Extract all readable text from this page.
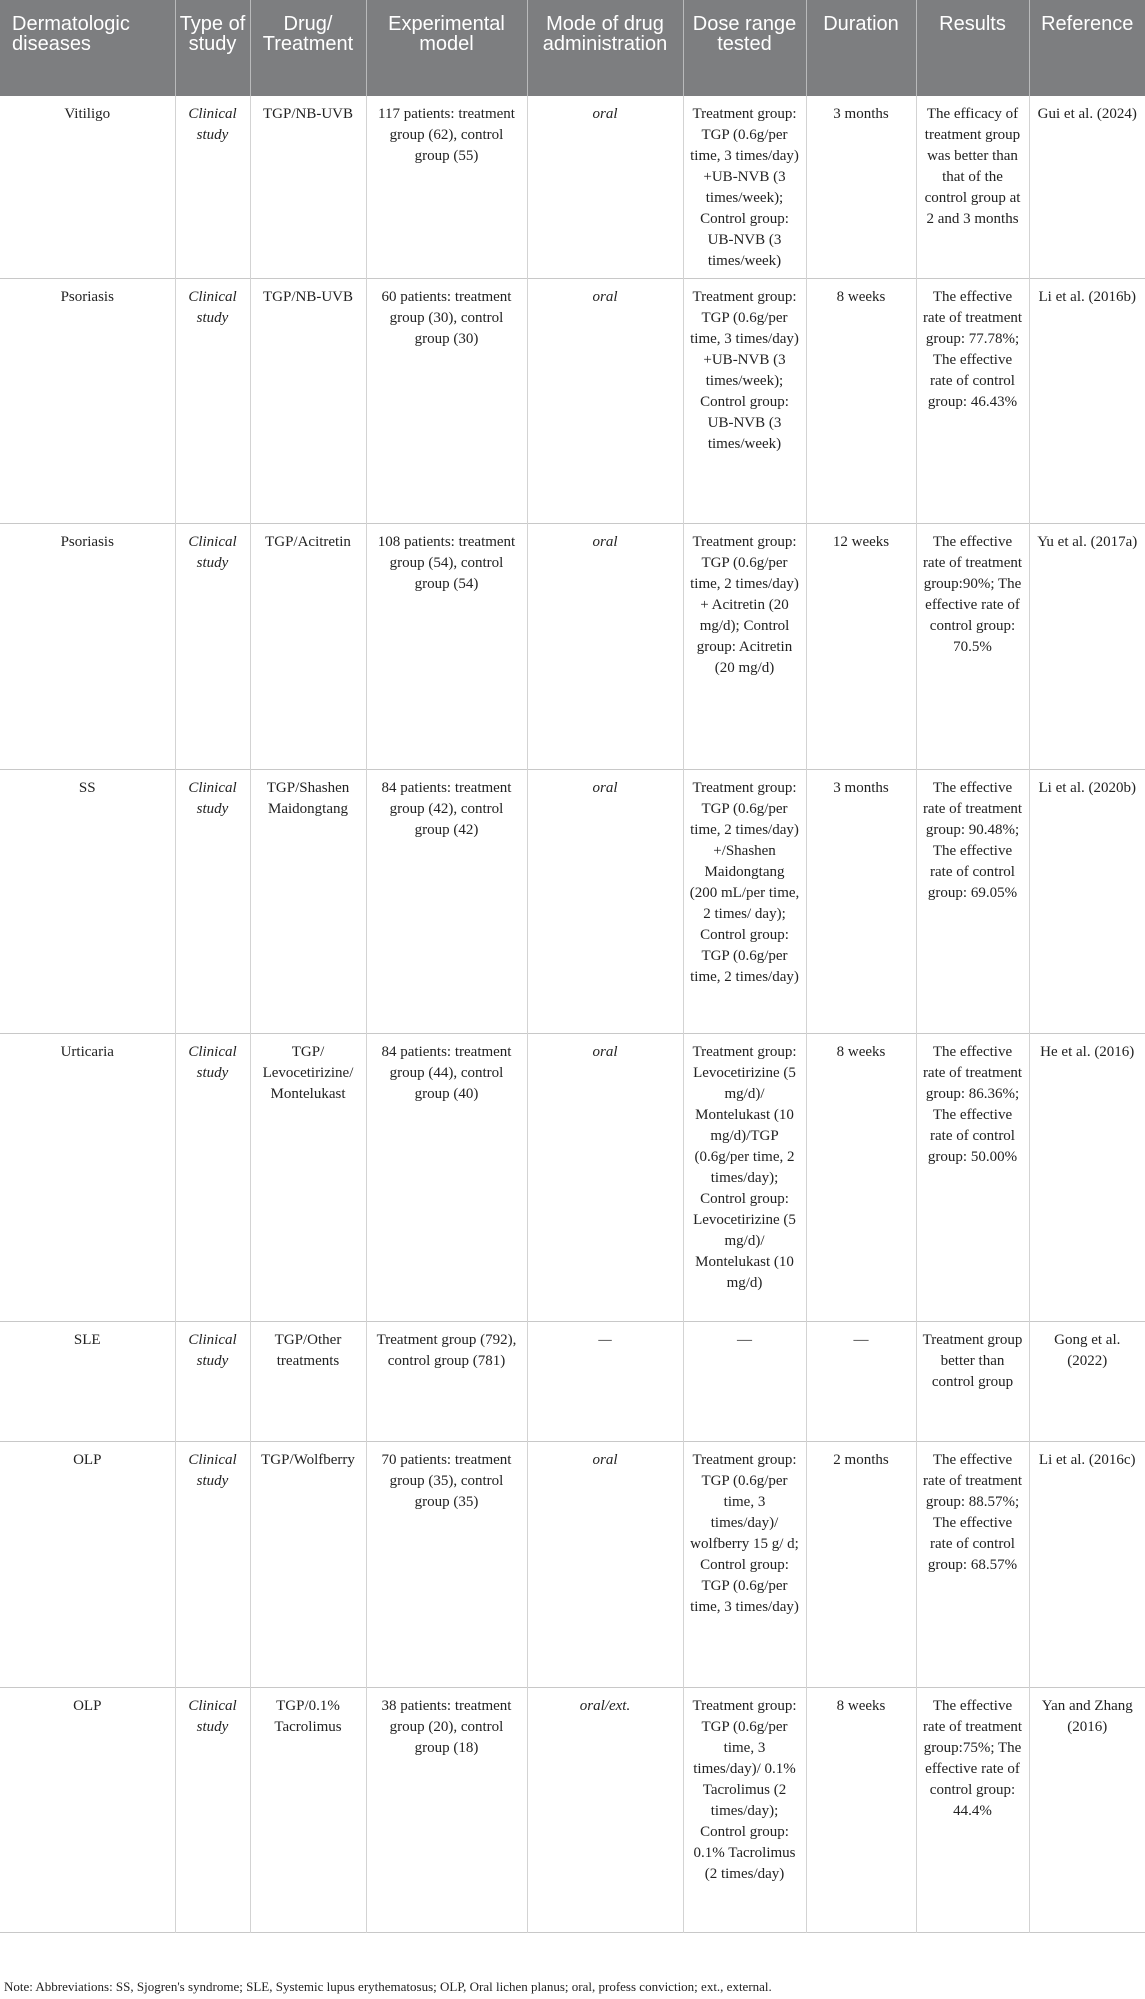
Dermatologic diseases	Type of study	Drug/ Treatment	Experimental model	Mode of drug administration	Dose range tested	Duration	Results	Reference
Vitiligo	Clinical study	TGP/NB-UVB	117 patients: treatment group (62), control group (55)	oral	Treatment group: TGP (0.6g/per time, 3 times/day) +UB-NVB (3 times/week); Control group: UB-NVB (3 times/week)	3 months	The efficacy of treatment group was better than that of the control group at 2 and 3 months	Gui et al. (2024)
Psoriasis	Clinical study	TGP/NB-UVB	60 patients: treatment group (30), control group (30)	oral	Treatment group: TGP (0.6g/per time, 3 times/day) +UB-NVB (3 times/week); Control group: UB-NVB (3 times/week)	8 weeks	The effective rate of treatment group: 77.78%; The effective rate of control group: 46.43%	Li et al. (2016b)
Psoriasis	Clinical study	TGP/Acitretin	108 patients: treatment group (54), control group (54)	oral	Treatment group: TGP (0.6g/per time, 2 times/day) + Acitretin (20 mg/d); Control group: Acitretin (20 mg/d)	12 weeks	The effective rate of treatment group:90%; The effective rate of control group: 70.5%	Yu et al. (2017a)
SS	Clinical study	TGP/Shashen Maidongtang	84 patients: treatment group (42), control group (42)	oral	Treatment group: TGP (0.6g/per time, 2 times/day) +/Shashen Maidongtang (200 mL/per time, 2 times/ day); Control group: TGP (0.6g/per time, 2 times/day)	3 months	The effective rate of treatment group: 90.48%; The effective rate of control group: 69.05%	Li et al. (2020b)
Urticaria	Clinical study	TGP/ Levocetirizine/ Montelukast	84 patients: treatment group (44), control group (40)	oral	Treatment group: Levocetirizine (5 mg/d)/ Montelukast (10 mg/d)/TGP (0.6g/per time, 2 times/day); Control group: Levocetirizine (5 mg/d)/ Montelukast (10 mg/d)	8 weeks	The effective rate of treatment group: 86.36%; The effective rate of control group: 50.00%	He et al. (2016)
SLE	Clinical study	TGP/Other treatments	Treatment group (792), control group (781)	—	—	—	Treatment group better than control group	Gong et al. (2022)
OLP	Clinical study	TGP/Wolfberry	70 patients: treatment group (35), control group (35)	oral	Treatment group: TGP (0.6g/per time, 3 times/day)/ wolfberry 15 g/ d; Control group: TGP (0.6g/per time, 3 times/day)	2 months	The effective rate of treatment group: 88.57%; The effective rate of control group: 68.57%	Li et al. (2016c)
OLP	Clinical study	TGP/0.1% Tacrolimus	38 patients: treatment group (20), control group (18)	oral/ext.	Treatment group: TGP (0.6g/per time, 3 times/day)/ 0.1% Tacrolimus (2 times/day); Control group: 0.1% Tacrolimus (2 times/day)	8 weeks	The effective rate of treatment group:75%; The effective rate of control group: 44.4%	Yan and Zhang (2016)
Note: Abbreviations: SS, Sjogren's syndrome; SLE, Systemic lupus erythematosus; OLP, Oral lichen planus; oral, profess conviction; ext., external.
